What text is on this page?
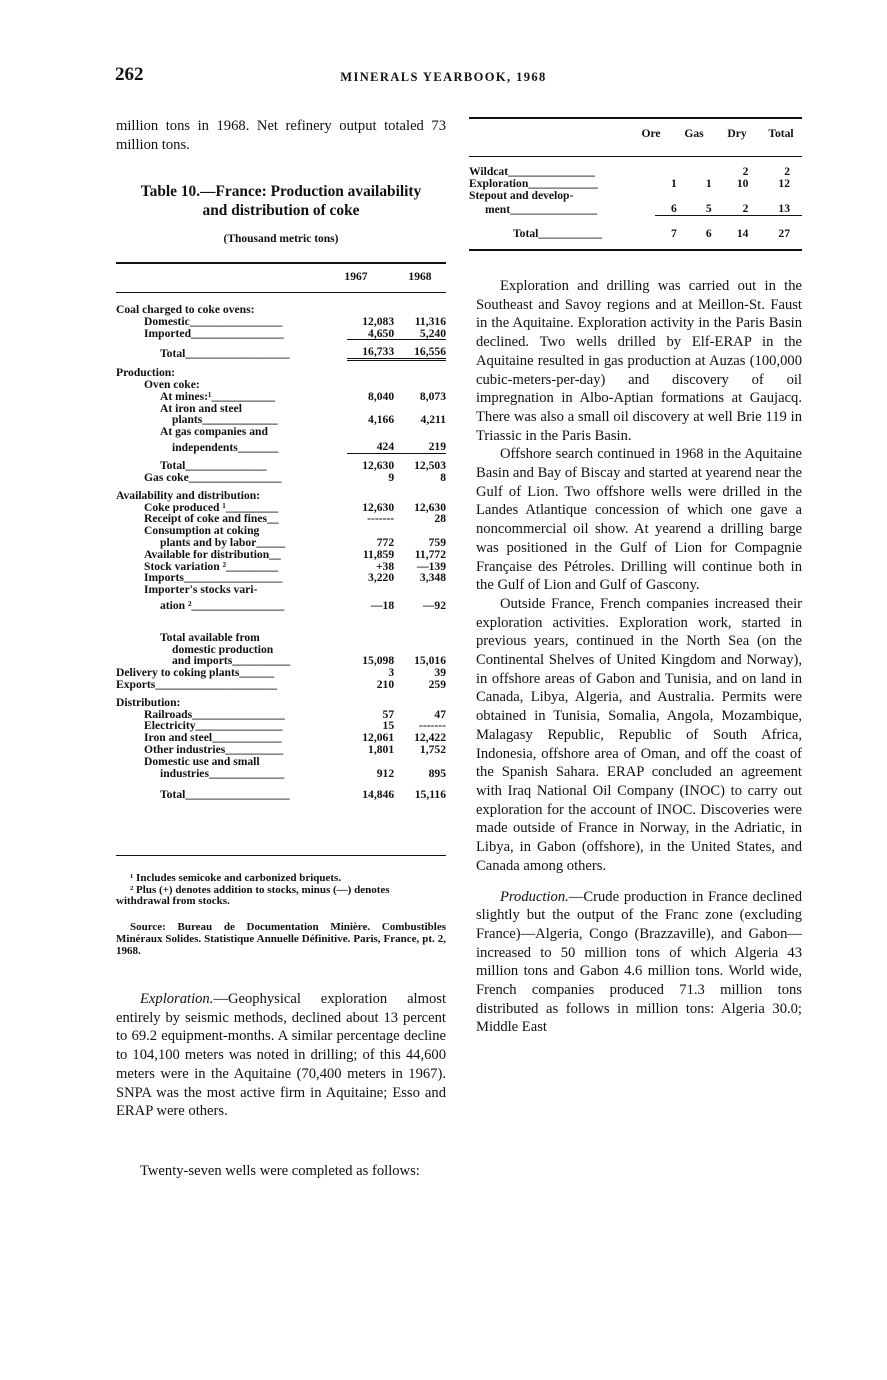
262	MINERALS YEARBOOK, 1968

million tons in 1968. Net refinery output totaled 73 million tons.

Table 10.—France: Production availability
and distribution of coke
(Thousand metric tons)
1967	1968
Coal charged to coke ovens:		
Domestic________________	12,083	11,316
Imported________________	4,650	5,240
Total__________________	16,733	16,556

Production:		
Oven coke:		
At mines:¹___________	8,040	8,073
At iron and steel		
plants_____________	4,166	4,211
At gas companies and		
independents_______	424	219
Total______________	12,630	12,503
Gas coke________________	9	8

Availability and distribution:		
Coke produced ¹_________	12,630	12,630
Receipt of coke and fines__	-------	28
Consumption at coking		
plants and by labor_____	772	759
Available for distribution__	11,859	11,772
Stock variation ²_________	+38	—139
Imports_________________	3,220	3,348
Importer's stocks vari-		
ation ²________________	—18	—92

Total available from		
domestic production		
and imports__________	15,098	15,016
Delivery to coking plants______	3	39
Exports_____________________	210	259

Distribution:		
Railroads________________	57	47
Electricity_______________	15	-------
Iron and steel____________	12,061	12,422
Other industries__________	1,801	1,752
Domestic use and small		
industries_____________	912	895

Total__________________	14,846	15,116
¹ Includes semicoke and carbonized briquets.
² Plus (+) denotes addition to stocks, minus (—) denotes withdrawal from stocks.
Source: Bureau de Documentation Minière. Combustibles Minéraux Solides. Statistique Annuelle Définitive. Paris, France, pt. 2, 1968.

Exploration.—Geophysical exploration almost entirely by seismic methods, declined about 13 percent to 69.2 equipment-months. A similar percentage decline to 104,100 meters was noted in drilling; of this 44,600 meters were in the Aquitaine (70,400 meters in 1967). SNPA was the most active firm in Aquitaine; Esso and ERAP were others.

Twenty-seven wells were completed as follows:

Ore	Gas	Dry	Total
Wildcat_______________			2	2
Exploration____________	1	1	10	12
Stepout and develop-				
ment_______________	6	5	2	13
Total___________	7	6	14	27

Exploration and drilling was carried out in the Southeast and Savoy regions and at Meillon-St. Faust in the Aquitaine. Exploration activity in the Paris Basin declined. Two wells drilled by Elf-ERAP in the Aquitaine resulted in gas production at Auzas (100,000 cubic-meters-per-day) and discovery of oil impregnation in Albo-Aptian formations at Gaujacq. There was also a small oil discovery at well Brie 119 in Triassic in the Paris Basin.

Offshore search continued in 1968 in the Aquitaine Basin and Bay of Biscay and started at yearend near the Gulf of Lion. Two offshore wells were drilled in the Landes Atlantique concession of which one gave a noncommercial oil show. At yearend a drilling barge was positioned in the Gulf of Lion for Compagnie Française des Pétroles. Drilling will continue both in the Gulf of Lion and Gulf of Gascony.

Outside France, French companies increased their exploration activities. Exploration work, started in previous years, continued in the North Sea (on the Continental Shelves of United Kingdom and Norway), in offshore areas of Gabon and Tunisia, and on land in Canada, Libya, Algeria, and Australia. Permits were obtained in Tunisia, Somalia, Angola, Mozambique, Malagasy Republic, Republic of South Africa, Indonesia, offshore area of Oman, and off the coast of the Spanish Sahara. ERAP concluded an agreement with Iraq National Oil Company (INOC) to carry out exploration for the account of INOC. Discoveries were made outside of France in Norway, in the Adriatic, in Libya, in Gabon (offshore), in the United States, and Canada among others.

Production.—Crude production in France declined slightly but the output of the Franc zone (excluding France)—Algeria, Congo (Brazzaville), and Gabon—increased to 50 million tons of which Algeria 43 million tons and Gabon 4.6 million tons. World wide, French companies produced 71.3 million tons distributed as follows in million tons: Algeria 30.0; Middle East
